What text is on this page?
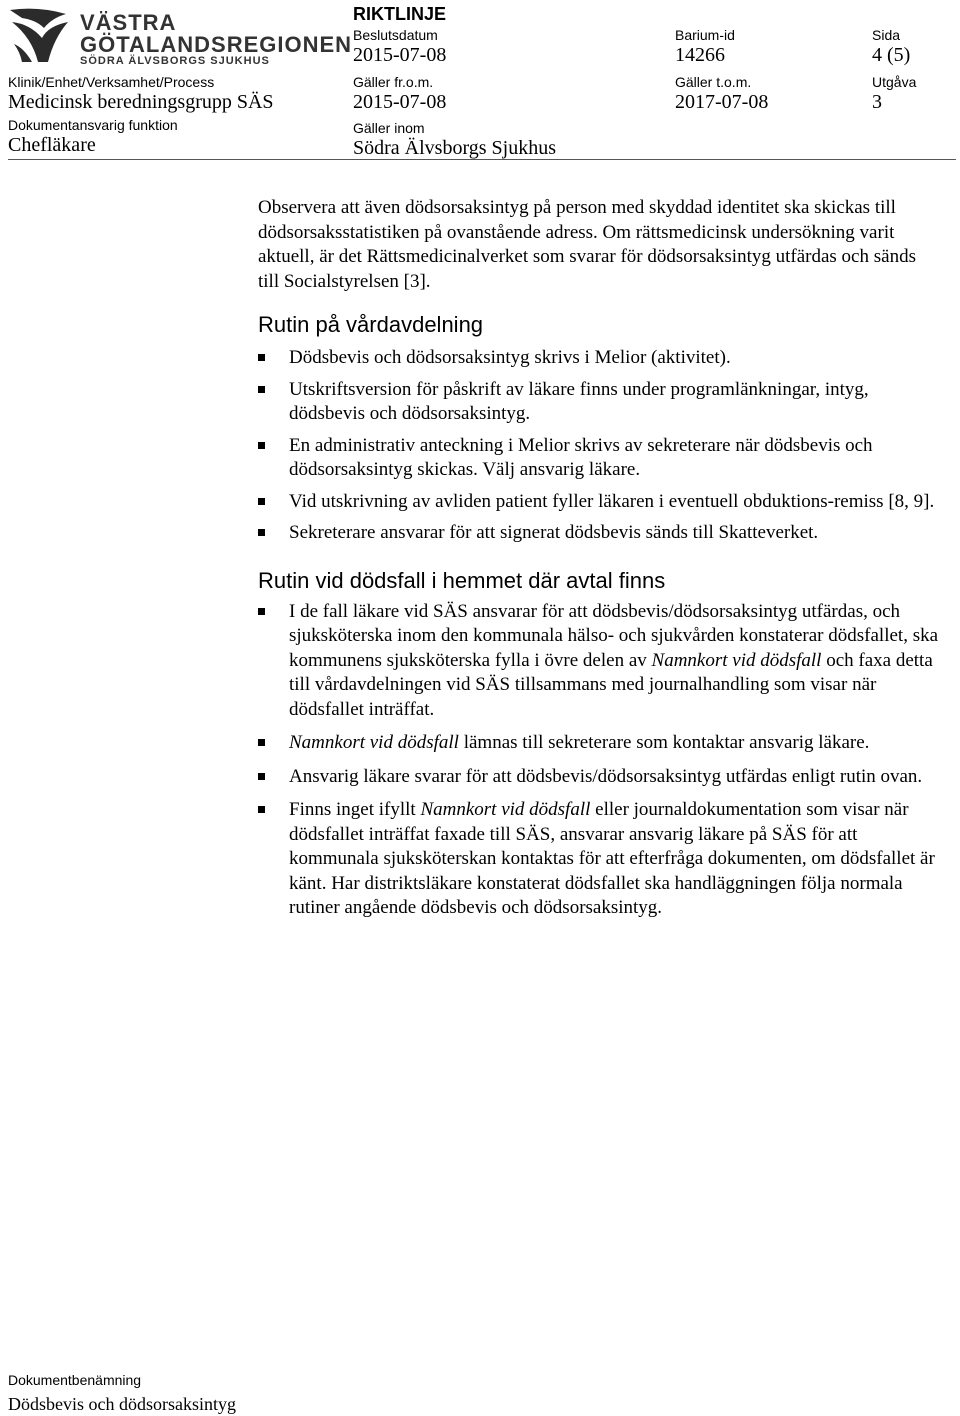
VÄSTRA
GÖTALANDSREGIONEN
SÖDRA ÄLVSBORGS SJUKHUS
RIKTLINJE
Beslutsdatum
2015-07-08
Barium-id
14266
Sida
4 (5)
Klinik/Enhet/Verksamhet/Process
Medicinsk beredningsgrupp SÄS
Gäller fr.o.m.
2015-07-08
Gäller t.o.m.
2017-07-08
Utgåva
3
Dokumentansvarig funktion
Chefläkare
Gäller inom
Södra Älvsborgs Sjukhus

Observera att även dödsorsaksintyg på person med skyddad identitet ska skickas till dödsorsaksstatistiken på ovanstående adress. Om rättsmedicinsk undersökning varit aktuell, är det Rättsmedicinalverket som svarar för dödsorsaksintyg utfärdas och sänds till Socialstyrelsen [3].

Rutin på vårdavdelning
Dödsbevis och dödsorsaksintyg skrivs i Melior (aktivitet).
Utskriftsversion för påskrift av läkare finns under programlänkningar, intyg, dödsbevis och dödsorsaksintyg.
En administrativ anteckning i Melior skrivs av sekreterare när dödsbevis och dödsorsaksintyg skickas. Välj ansvarig läkare.
Vid utskrivning av avliden patient fyller läkaren i eventuell obduktions-remiss [8, 9].
Sekreterare ansvarar för att signerat dödsbevis sänds till Skatteverket.
Rutin vid dödsfall i hemmet där avtal finns
I de fall läkare vid SÄS ansvarar för att dödsbevis/dödsorsaksintyg utfärdas, och sjuksköterska inom den kommunala hälso- och sjukvården konstaterar dödsfallet, ska kommunens sjuksköterska fylla i övre delen av Namnkort vid dödsfall och faxa detta till vårdavdelningen vid SÄS tillsammans med journalhandling som visar när dödsfallet inträffat.
Namnkort vid dödsfall lämnas till sekreterare som kontaktar ansvarig läkare.
Ansvarig läkare svarar för att dödsbevis/dödsorsaksintyg utfärdas enligt rutin ovan.
Finns inget ifyllt Namnkort vid dödsfall eller journaldokumentation som visar när dödsfallet inträffat faxade till SÄS, ansvarar ansvarig läkare på SÄS för att kommunala sjuksköterskan kontaktas för att efterfråga dokumenten, om dödsfallet är känt. Har distriktsläkare konstaterat dödsfallet ska handläggningen följa normala rutiner angående dödsbevis och dödsorsaksintyg.
Dokumentbenämning
Dödsbevis och dödsorsaksintyg
